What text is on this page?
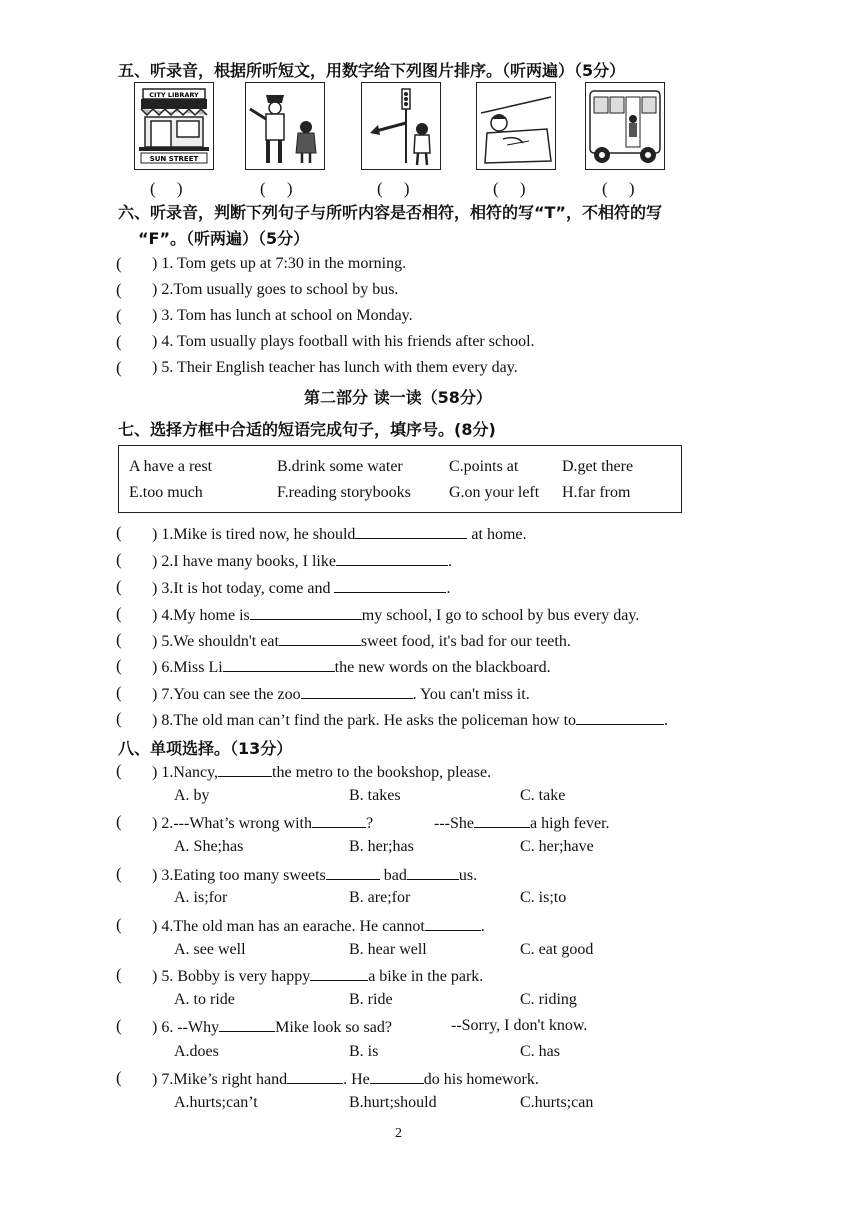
五、听录音，根据所听短文，用数字给下列图片排序。（听两遍）（5分）
CITY LIBRARY
SUN STREET
(　 )	(　 )	(　 )	(　 )	(　 )
六、听录音，判断下列句子与所听内容是否相符，相符的写“T”，不相符的写
“F”。（听两遍）（5分）
( ) 1. Tom gets up at 7:30 in the morning.
( ) 2.Tom usually goes to school by bus.
( ) 3. Tom has lunch at school on Monday.
( ) 4. Tom usually plays football with his friends after school.
( ) 5. Their English teacher has lunch with them every day.
第二部分 读一读（58分）
七、选择方框中合适的短语完成句子，填序号。(8分)
A have a rest	B.drink some water	C.points at	D.get there
E.too much	F.reading storybooks G.on your left H.far from
( ) 1.Mike is tired now, he should	at home.
( ) 2.I have many books, I like	.
( ) 3.It is hot today, come and	.
( ) 4.My home is	my school, I go to school by bus every day.
( ) 5.We shouldn't eat	sweet food, it's bad for our teeth.
( ) 6.Miss Li	the new words on the blackboard.
( ) 7.You can see the zoo	. You can't miss it.
( ) 8.The old man can’t find the park. He asks the policeman how to	.
八、单项选择。（13分）
( ) 1.Nancy,	the metro to the bookshop, please.
A. by	B. takes	C. take
( ) 2.---What’s wrong with	?	---She	a high fever.
A. She;has	B. her;has	C. her;have
( ) 3.Eating too many sweets	bad	us.
A. is;for	B. are;for	C. is;to
( ) 4.The old man has an earache. He cannot	.
A. see well	B. hear well	C. eat good
( ) 5. Bobby is very happy	a bike in the park.
A. to ride	B. ride	C. riding
( ) 6. --Why	Mike look so sad?	--Sorry, I don't know.
A.does	B. is	C. has
( ) 7.Mike’s right hand	. He	do his homework.
A.hurts;can’t	B.hurt;should	C.hurts;can
2
